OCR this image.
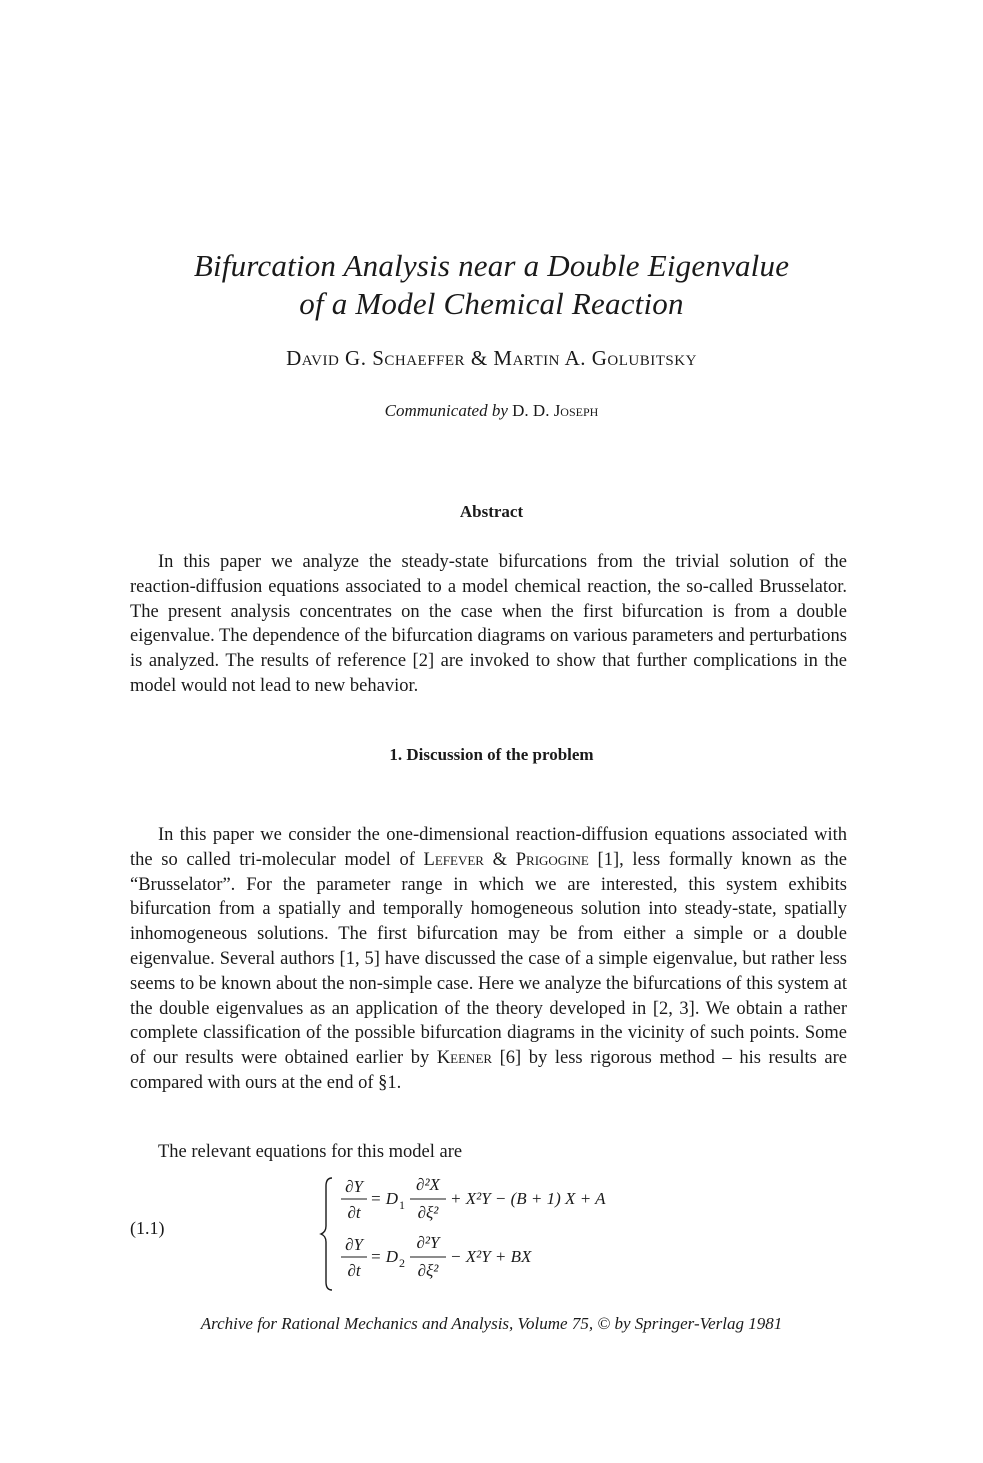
Bifurcation Analysis near a Double Eigenvalue
of a Model Chemical Reaction
David G. Schaeffer & Martin A. Golubitsky
Communicated by D. D. Joseph
Abstract

In this paper we analyze the steady-state bifurcations from the trivial solution of the reaction-diffusion equations associated to a model chemical reaction, the so-called Brusselator. The present analysis concentrates on the case when the first bifurcation is from a double eigenvalue. The dependence of the bifurcation diagrams on various parameters and perturbations is analyzed. The results of reference [2] are invoked to show that further complications in the model would not lead to new behavior.

1. Discussion of the problem

In this paper we consider the one-dimensional reaction-diffusion equations associated with the so called tri-molecular model of Lefever & Prigogine [1], less formally known as the “Brusselator”. For the parameter range in which we are interested, this system exhibits bifurcation from a spatially and temporally homogeneous solution into steady-state, spatially inhomogeneous solutions. The first bifurcation may be from either a simple or a double eigenvalue. Several authors [1, 5] have discussed the case of a simple eigenvalue, but rather less seems to be known about the non-simple case. Here we analyze the bifurcations of this system at the double eigenvalues as an application of the theory developed in [2, 3]. We obtain a rather complete classification of the possible bifurcation diagrams in the vicinity of such points. Some of our results were obtained earlier by Keener [6] by less rigorous method – his results are compared with ours at the end of §1.

The relevant equations for this model are
(1.1)
∂Y
∂t
= D 1
∂²X
∂ξ²
+ X²Y − (B + 1) X + A
∂Y
∂t
= D 2
∂²Y
∂ξ²
− X²Y + BX
Archive for Rational Mechanics and Analysis, Volume 75, © by Springer-Verlag 1981
